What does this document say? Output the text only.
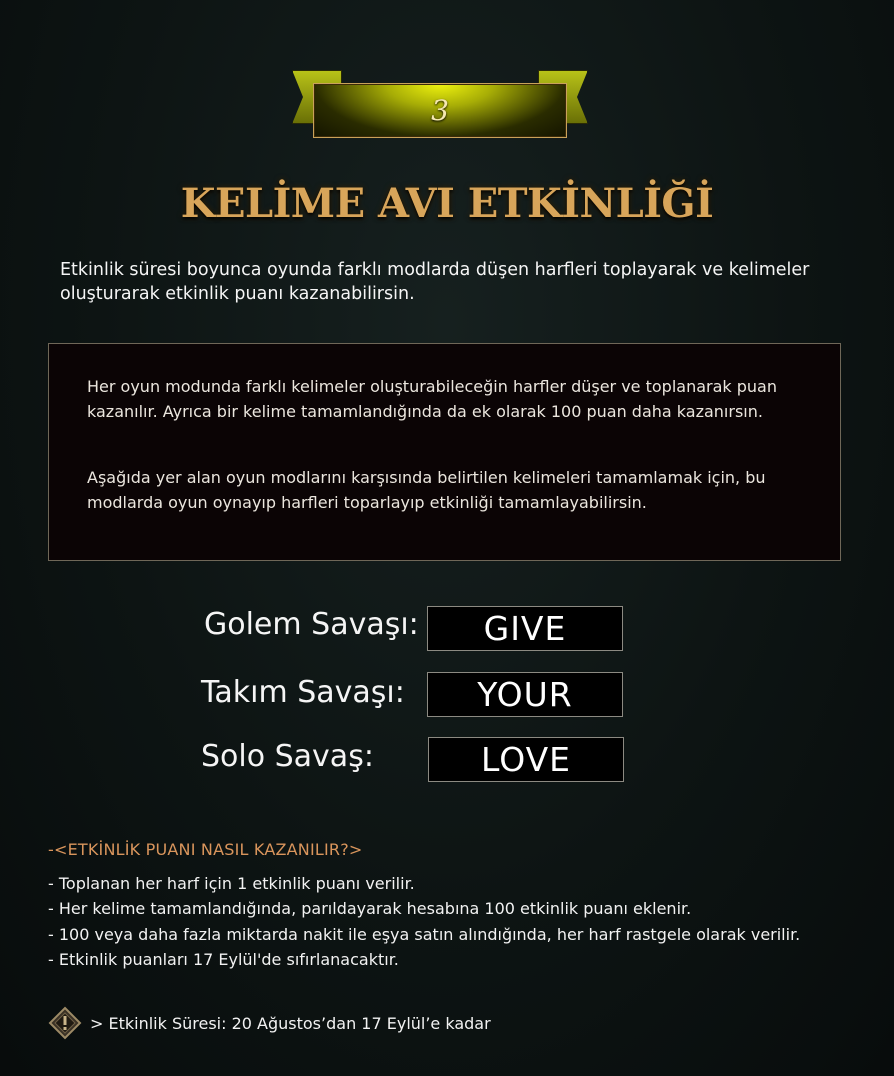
3
KELİME AVI ETKİNLİĞİ

Etkinlik süresi boyunca oyunda farklı modlarda düşen harfleri toplayarak ve kelimeler oluşturarak etkinlik puanı kazanabilirsin.

Her oyun modunda farklı kelimeler oluşturabileceğin harfler düşer ve toplanarak puan kazanılır. Ayrıca bir kelime tamamlandığında da ek olarak 100 puan daha kazanırsın.

Aşağıda yer alan oyun modlarını karşısında belirtilen kelimeleri tamamlamak için, bu modlarda oyun oynayıp harfleri toparlayıp etkinliği tamamlayabilirsin.

Golem Savaşı:	GIVE
Takım Savaşı:	YOUR
Solo Savaş:	LOVE

-<ETKİNLİK PUANI NASIL KAZANILIR?>

- Toplanan her harf için 1 etkinlik puanı verilir.
- Her kelime tamamlandığında, parıldayarak hesabına 100 etkinlik puanı eklenir.
- 100 veya daha fazla miktarda nakit ile eşya satın alındığında, her harf rastgele olarak verilir.
- Etkinlik puanları 17 Eylül'de sıfırlanacaktır.
> Etkinlik Süresi: 20 Ağustos’dan 17 Eylül’e kadar
